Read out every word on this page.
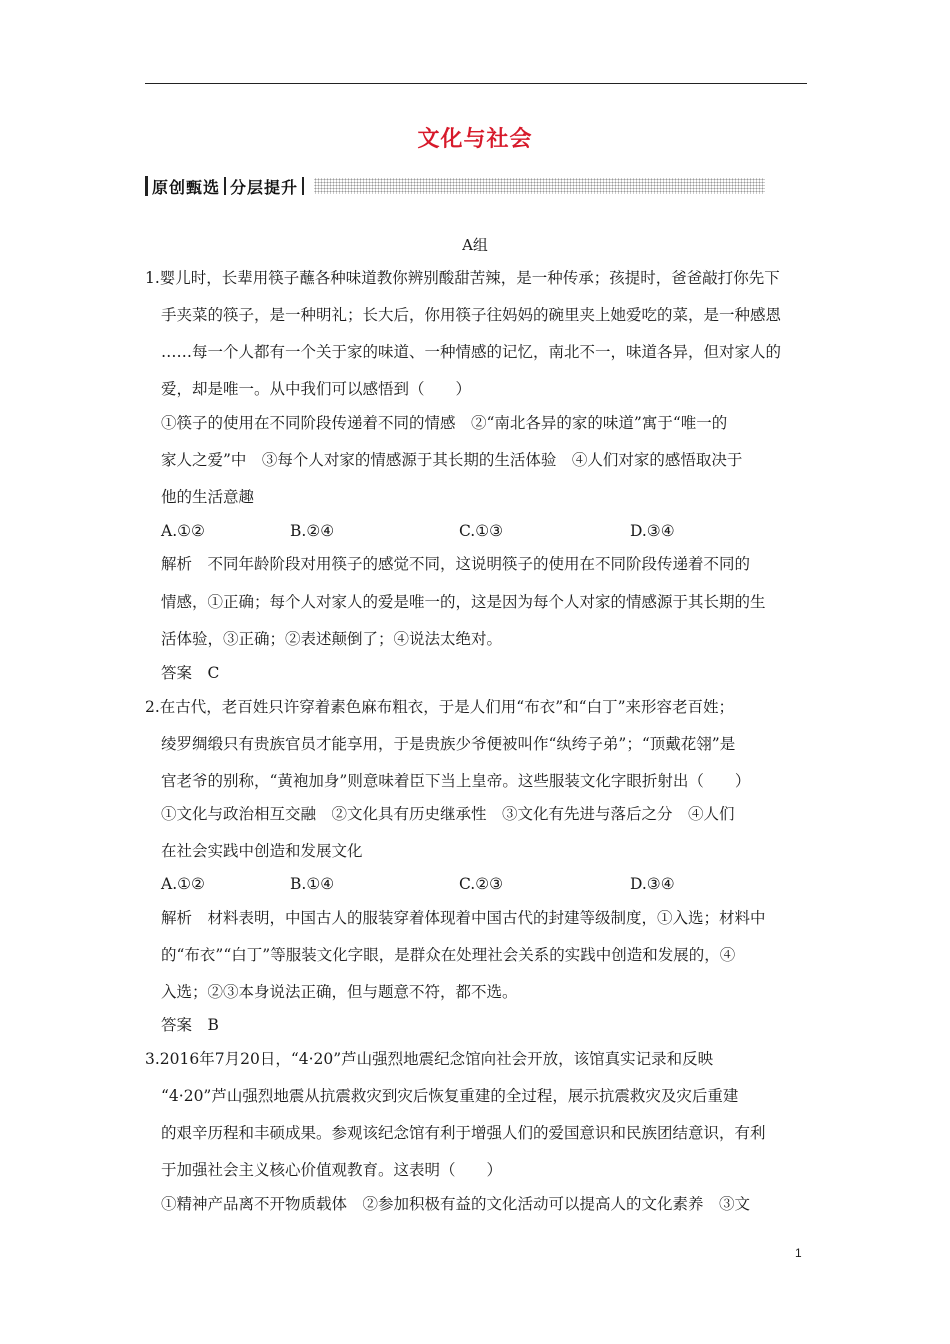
文化与社会
原创甄选 分层提升
A组
1.婴儿时，长辈用筷子蘸各种味道教你辨别酸甜苦辣，是一种传承；孩提时，爸爸敲打你先下
手夹菜的筷子，是一种明礼；长大后，你用筷子往妈妈的碗里夹上她爱吃的菜，是一种感恩
……每一个人都有一个关于家的味道、一种情感的记忆，南北不一，味道各异，但对家人的
爱，却是唯一。从中我们可以感悟到（　　）
①筷子的使用在不同阶段传递着不同的情感　②“南北各异的家的味道”寓于“唯一的
家人之爱”中　③每个人对家的情感源于其长期的生活体验　④人们对家的感悟取决于
他的生活意趣
A.①②	B.②④	C.①③	D.③④
解析　不同年龄阶段对用筷子的感觉不同，这说明筷子的使用在不同阶段传递着不同的
情感，①正确；每个人对家人的爱是唯一的，这是因为每个人对家的情感源于其长期的生
活体验，③正确；②表述颠倒了；④说法太绝对。
答案　C
2.在古代，老百姓只许穿着素色麻布粗衣，于是人们用“布衣”和“白丁”来形容老百姓；
绫罗绸缎只有贵族官员才能享用，于是贵族少爷便被叫作“纨绔子弟”；“顶戴花翎”是
官老爷的别称，“黄袍加身”则意味着臣下当上皇帝。这些服装文化字眼折射出（　　）
①文化与政治相互交融　②文化具有历史继承性　③文化有先进与落后之分　④人们
在社会实践中创造和发展文化
A.①②	B.①④	C.②③	D.③④
解析　材料表明，中国古人的服装穿着体现着中国古代的封建等级制度，①入选；材料中
的“布衣”“白丁”等服装文化字眼，是群众在处理社会关系的实践中创造和发展的，④
入选；②③本身说法正确，但与题意不符，都不选。
答案　B
3.2016年7月20日，“4·20”芦山强烈地震纪念馆向社会开放，该馆真实记录和反映
“4·20”芦山强烈地震从抗震救灾到灾后恢复重建的全过程，展示抗震救灾及灾后重建
的艰辛历程和丰硕成果。参观该纪念馆有利于增强人们的爱国意识和民族团结意识，有利
于加强社会主义核心价值观教育。这表明（　　）
①精神产品离不开物质载体　②参加积极有益的文化活动可以提高人的文化素养　③文
1
